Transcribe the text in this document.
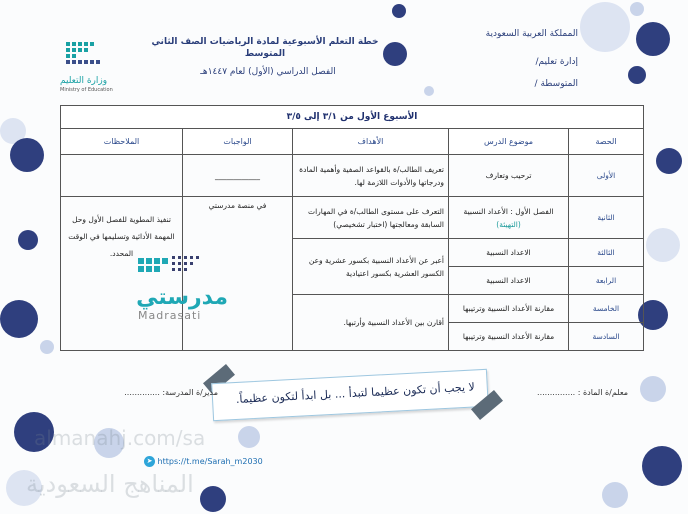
المملكة العربية السعودية
إدارة تعليم/
المتوسطة /
خطة التعلم الأسبوعية لمادة الرياضيات الصف الثاني المتوسط
الفصل الدراسي (الأول) لعام ١٤٤٧هـ
وزارة التعليم
Ministry of Education
الأسبوع الأول من ٣/١ إلى ٣/٥				
الحصة	موضوع الدرس	الأهداف	الواجبات	الملاحظات
الأولى	ترحيب وتعارف	تعريف الطالب/ة بالقواعد الصفية وأهمية المادة ودرجاتها والأدوات اللازمة لها.	____________	
الثانية	الفصل الأول : الأعداد النسبية (التهيئة)	التعرف على مستوى الطالب/ة في المهارات السابقة ومعالجتها (اختبار تشخيصي)	في منصة مدرستي	تنفيذ المطوية للفصل الأول وحل المهمة الأدائية وتسليمها في الوقت المحدد.

الثالثة	الاعداد النسبية	أعبر عن الأعداد النسبية بكسور عشرية وعن الكسور العشرية بكسور اعتيادية		
الرابعة	الاعداد النسبية			
الخامسة	مقارنة الأعداد النسبية وترتيبها	أقارن بين الأعداد النسبية وأرتبها.		
السادسة	مقارنة الأعداد النسبية وترتيبها			
مدرستي
Madrasati
لا يجب أن تكون عظيما لتبدأ ... بل ابدأ لتكون عظيماً.	معلم/ة المادة : ...............
مدير/ة المدرسة: ..............
almanahj.com/sa
المناهج السعودية
➤ https://t.me/Sarah_m2030
